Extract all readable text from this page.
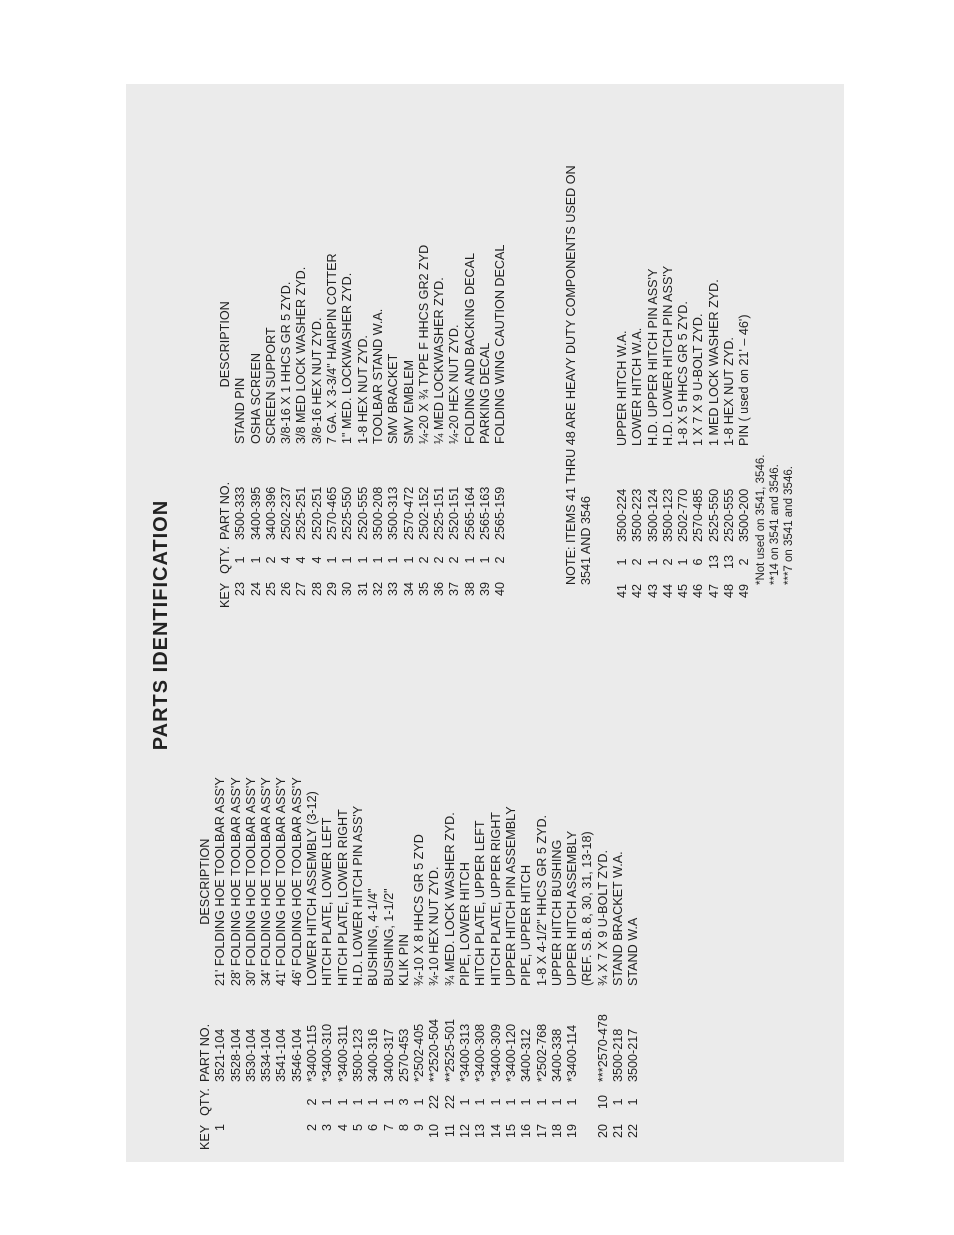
PARTS IDENTIFICATION
KEY	QTY.	PART NO.	DESCRIPTION
1		3521-104	21' FOLDING HOE TOOLBAR ASS'Y
		3528-104	28' FOLDING HOE TOOLBAR ASS'Y
		3530-104	30' FOLDING HOE TOOLBAR ASS'Y
		3534-104	34' FOLDING HOE TOOLBAR ASS'Y
		3541-104	41' FOLDING HOE TOOLBAR ASS'Y
		3546-104	46' FOLDING HOE TOOLBAR ASS'Y
2	2	*3400-115	LOWER HITCH ASSEMBLY (3-12)
3	1	*3400-310	HITCH PLATE, LOWER LEFT
4	1	*3400-311	HITCH PLATE, LOWER RIGHT
5	1	3500-123	H.D. LOWER HITCH PIN ASS'Y
6	1	3400-316	BUSHING, 4-1/4"
7	1	3400-317	BUSHING, 1-1/2"
8	3	2570-453	KLIK PIN
9	1	*2502-405	¾-10 X 8 HHCS GR 5 ZYD
10	22	**2520-504	¾-10 HEX NUT ZYD.
11	22	**2525-501	¾ MED. LOCK WASHER ZYD.
12	1	*3400-313	PIPE, LOWER HITCH
13	1	*3400-308	HITCH PLATE, UPPER LEFT
14	1	*3400-309	HITCH PLATE, UPPER RIGHT
15	1	*3400-120	UPPER HITCH PIN ASSEMBLY
16	1	3400-312	PIPE, UPPER HITCH
17	1	*2502-768	1-8 X 4-1/2" HHCS GR 5 ZYD.
18	1	3400-338	UPPER HITCH BUSHING
19	1	*3400-114	UPPER HITCH ASSEMBLY
			(REF. S.B. 8, 30, 31, 13-18)
20	10	***2570-478	¾ X 7 X 9 U-BOLT ZYD.
21	1	3500-218	STAND BRACKET W.A.
22	1	3500-217	STAND W.A
KEY	QTY.	PART NO.	DESCRIPTION
23	1	3500-333	STAND PIN
24	1	3400-395	OSHA SCREEN
25	2	3400-396	SCREEN SUPPORT
26	4	2502-237	3/8-16 X 1 HHCS GR 5 ZYD.
27	4	2525-251	3/8 MED LOCK WASHER ZYD.
28	4	2520-251	3/8-16 HEX NUT ZYD.
29	1	2570-465	7 GA. X 3-3/4" HAIRPIN COTTER
30	1	2525-550	1" MED. LOCKWASHER ZYD.
31	1	2520-555	1-8 HEX NUT ZYD.
32	1	3500-208	TOOLBAR STAND W.A.
33	1	3500-313	SMV BRACKET
34	1	2570-472	SMV EMBLEM
35	2	2502-152	¼-20 X ¾ TYPE F HHCS GR2 ZYD
36	2	2525-151	¼ MED LOCKWASHER ZYD.
37	2	2520-151	¼-20 HEX NUT ZYD.
38	1	2565-164	FOLDING AND BACKING DECAL
39	1	2565-163	PARKING DECAL
40	2	2565-159	FOLDING WING CAUTION DECAL	NOTE: ITEMS 41 THRU 48 ARE HEAVY DUTY COMPONENTS USED ON 3541 AND 3546
41	1	3500-224	UPPER HITCH W.A.
42	2	3500-223	LOWER HITCH W.A.
43	1	3500-124	H.D. UPPER HITCH PIN ASS'Y
44	2	3500-123	H.D. LOWER HITCH PIN ASS'Y
45	1	2502-770	1-8 X 5 HHCS GR 5 ZYD.
46	6	2570-485	1 X 7 X 9 U-BOLT ZYD.
47	13	2525-550	1 MED LOCK WASHER ZYD.
48	13	2520-555	1-8 HEX NUT ZYD.
49	2	3500-200	PIN ( used on 21' – 46')
*Not used on 3541, 3546. **14 on 3541 and 3546. ***7 on 3541 and 3546.
